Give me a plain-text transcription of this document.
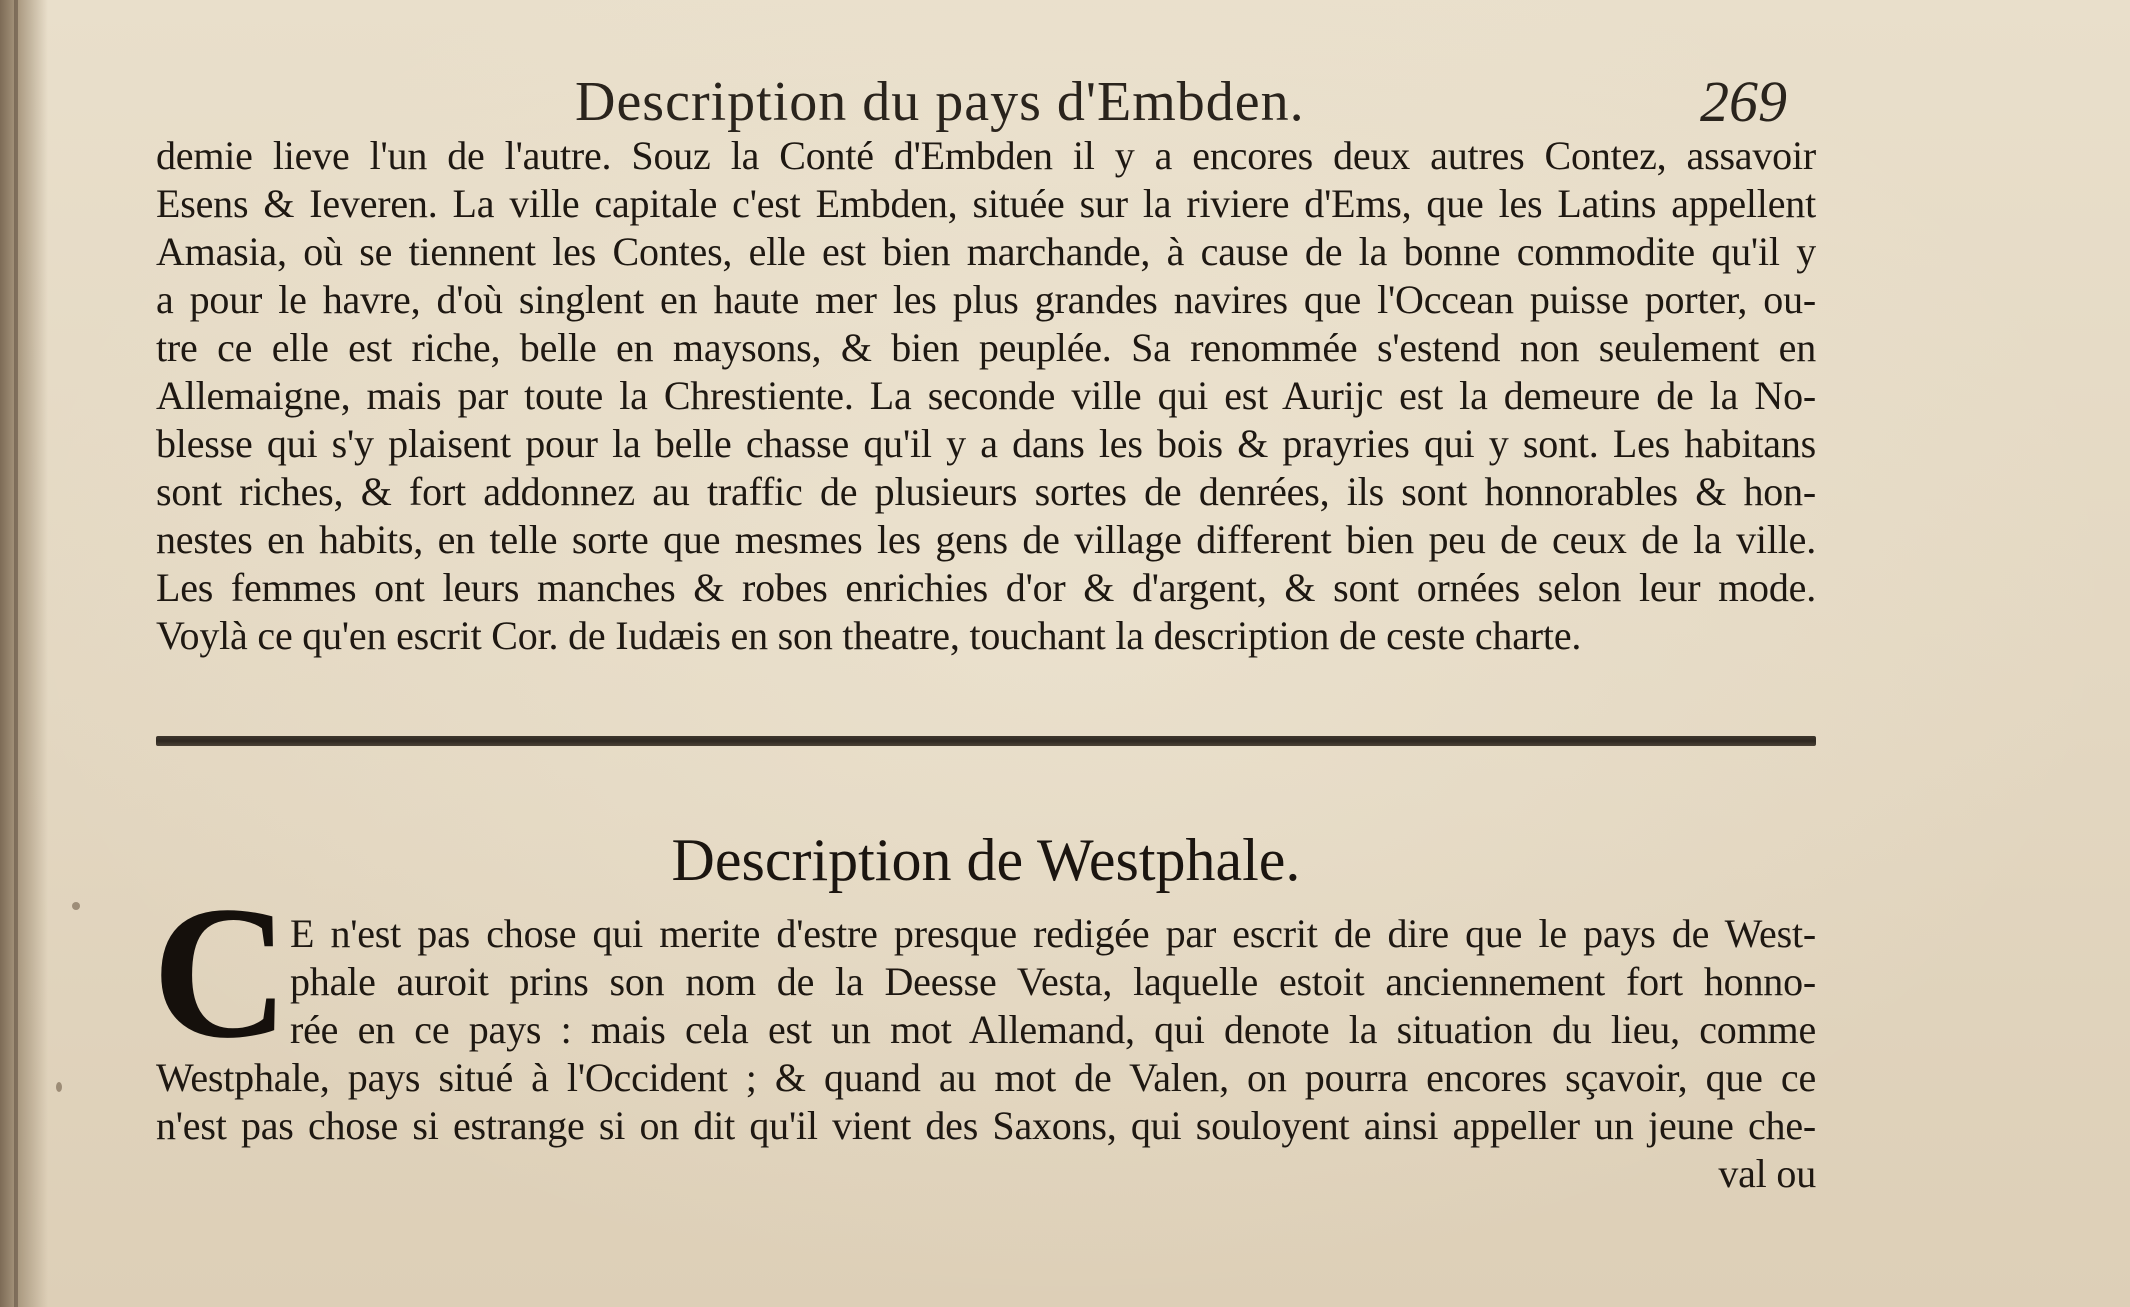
Description du pays d'Embden.	269
demie lieve l'un de l'autre. Souz la Conté d'Embden il y a encores deux autres Contez, assavoir
Esens & Ieveren. La ville capitale c'est Embden, située sur la riviere d'Ems, que les Latins appellent
Amasia, où se tiennent les Contes, elle est bien marchande, à cause de la bonne commodite qu'il y
a pour le havre, d'où singlent en haute mer les plus grandes navires que l'Occean puisse porter, ou-
tre ce elle est riche, belle en maysons, & bien peuplée. Sa renommée s'estend non seulement en
Allemaigne, mais par toute la Chrestiente. La seconde ville qui est Aurijc est la demeure de la No-
blesse qui s'y plaisent pour la belle chasse qu'il y a dans les bois & prayries qui y sont. Les habitans
sont riches, & fort addonnez au traffic de plusieurs sortes de denrées, ils sont honnorables & hon-
nestes en habits, en telle sorte que mesmes les gens de village different bien peu de ceux de la ville.
Les femmes ont leurs manches & robes enrichies d'or & d'argent, & sont ornées selon leur mode.
Voylà ce qu'en escrit Cor. de Iudæis en son theatre, touchant la description de ceste charte.
Description de Westphale.
C E n'est pas chose qui merite d'estre presque redigée par escrit de dire que le pays de West-
phale auroit prins son nom de la Deesse Vesta, laquelle estoit anciennement fort honno-
rée en ce pays : mais cela est un mot Allemand, qui denote la situation du lieu, comme
Westphale, pays situé à l'Occident ; & quand au mot de Valen, on pourra encores sçavoir, que ce
n'est pas chose si estrange si on dit qu'il vient des Saxons, qui souloyent ainsi appeller un jeune che-
val ou
